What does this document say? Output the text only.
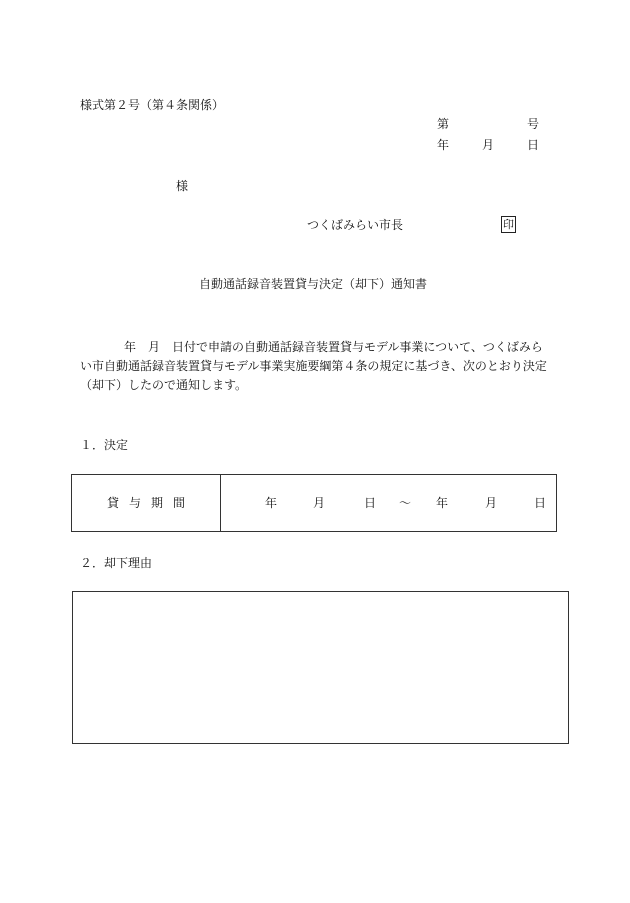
様式第２号（第４条関係）
第	号
年	月	日
様
つくばみらい市長	印
自動通話録音装置貸与決定（却下）通知書
年　月　日付で申請の自動通話録音装置貸与モデル事業について、つくばみらい市自動通話録音装置貸与モデル事業実施要綱第４条の規定に基づき、次のとおり決定（却下）したので通知します。
１．決定
貸与期間	年	月	日 ～ 年	月	日
２．却下理由
